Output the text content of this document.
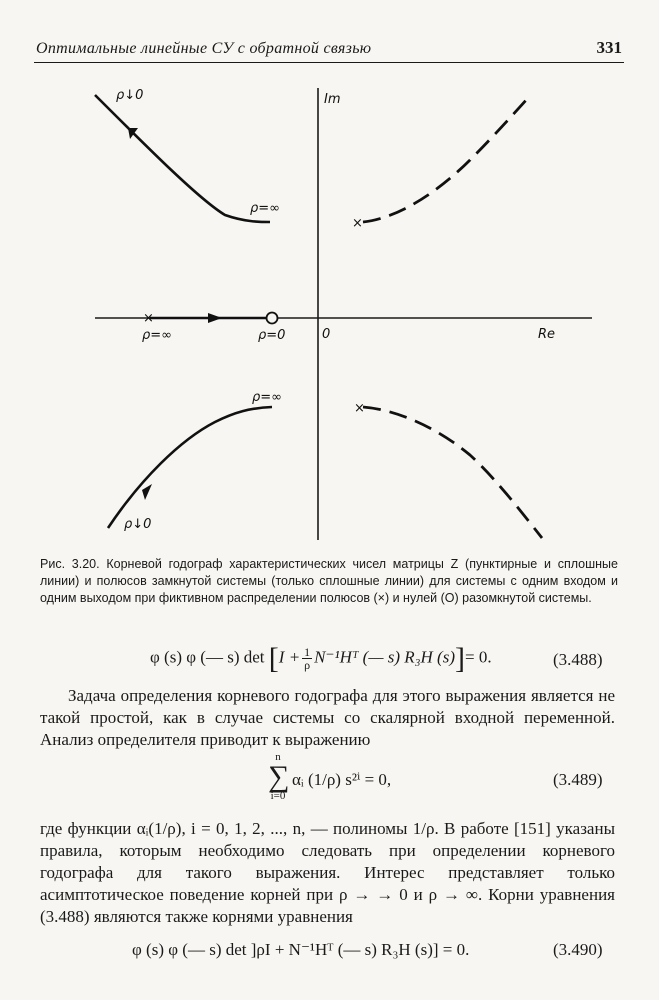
Оптимальные линейные СУ с обратной связью	331
Im
Re
0
ρ↓0
ρ=∞
ρ=∞	ρ=0
ρ=∞
ρ↓0
×
×
×
Рис. 3.20. Корневой годограф характеристических чисел матрицы Z (пунктирные и сплошные линии) и полюсов замкнутой системы (только сплошные линии) для системы с одним входом и одним выходом при фиктивном распределении полюсов (×) и нулей (O) разомкнутой системы.
φ (s) φ (— s) $\det [I + \frac{1}{\rho}$ N⁻¹Hᵀ (— s) R₃H (s)]= 0.	(3.488)
Задача определения корневого годографа для этого выражения является не такой простой, как в случае системы со скалярной входной переменной. Анализ определителя приводит к выражению
n
∑
i=0
αᵢ (1/ρ) s²ⁱ = 0,	(3.489)
где функции αᵢ(1/ρ), i = 0, 1, 2, ..., n, — полиномы 1/ρ. В работе [151] указаны правила, которым необходимо следовать при определении корневого годографа для такого выражения. Интерес представляет только асимптотическое поведение корней при ρ → → 0 и ρ → ∞. Корни уравнения (3.488) являются также корнями уравнения
φ (s) φ (— s) det ]ρI + N⁻¹Hᵀ (— s) R₃H (s)] = 0.	(3.490)
